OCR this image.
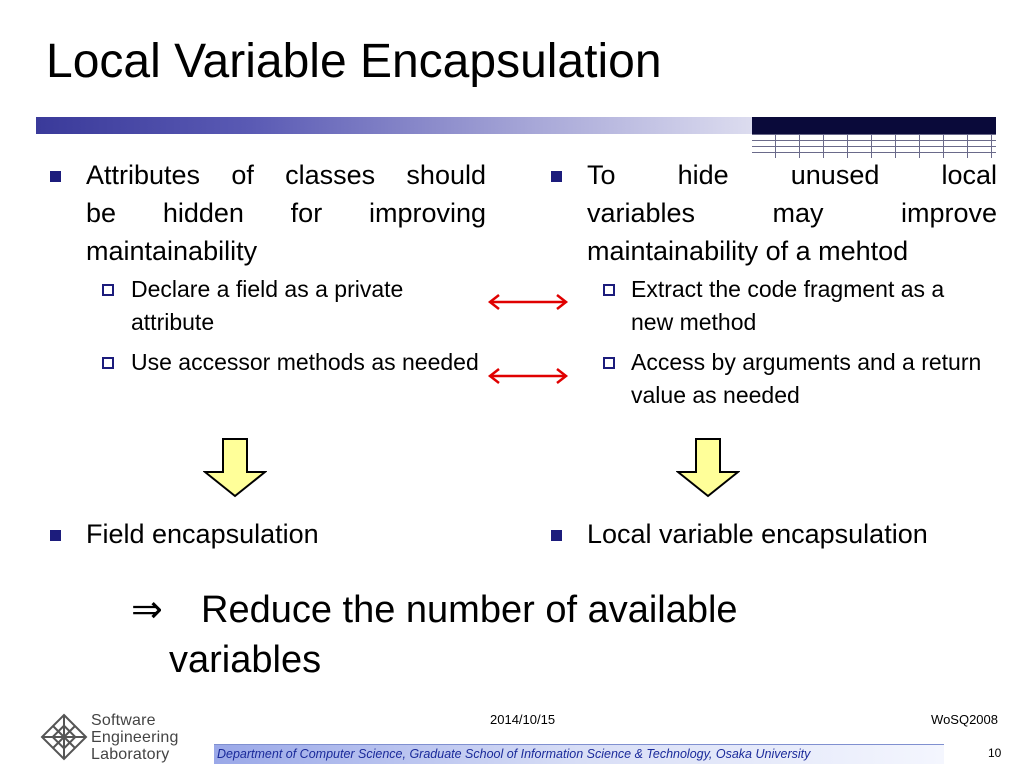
Local Variable Encapsulation
Attributes of classes should
be hidden for improving
maintainability
Declare a field as a private attribute
Use accessor methods as needed
To hide unused local
variables	may	improve
maintainability of a mehtod
Extract the code fragment as a new method
Access by arguments and a return value as needed
Field encapsulation	Local variable encapsulation
⇒ Reduce the number of available
variables
Software
Engineering
Laboratory
2014/10/15	WoSQ2008
Department of Computer Science, Graduate School of Information Science & Technology, Osaka University	10
